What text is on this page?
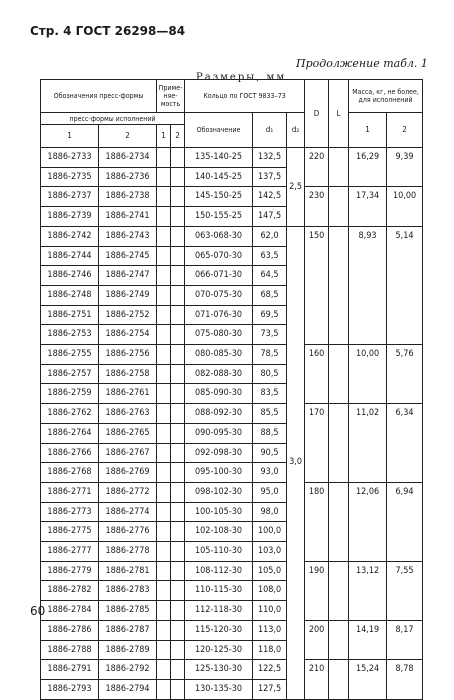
Стр. 4 ГОСТ 26298—84
Продолжение табл. 1
Размеры, мм
Обозначения пресс-формы		Приме-няе-мость		Кольцо по ГОСТ 9833–73			D	L	Масса, кг, не более, для исполнений	
пресс-формы исполнений				Обозначение	d₁	d₂			1	2
1	2	1	2							
1886-2733	1886-2734			135-140-25	132,5	2,5	220		16,29	9,39
1886-2735	1886-2736			140-145-25	137,5					
1886-2737	1886-2738			145-150-25	142,5		230		17,34	10,00
1886-2739	1886-2741			150-155-25	147,5					
1886-2742	1886-2743			063-068-30	62,0	3,0	150		8,93	5,14
1886-2744	1886-2745			065-070-30	63,5					
1886-2746	1886-2747			066-071-30	64,5					
1886-2748	1886-2749			070-075-30	68,5					
1886-2751	1886-2752			071-076-30	69,5					
1886-2753	1886-2754			075-080-30	73,5					
1886-2755	1886-2756			080-085-30	78,5		160		10,00	5,76
1886-2757	1886-2758			082-088-30	80,5					
1886-2759	1886-2761			085-090-30	83,5					
1886-2762	1886-2763			088-092-30	85,5		170		11,02	6,34
1886-2764	1886-2765			090-095-30	88,5					
1886-2766	1886-2767			092-098-30	90,5					
1886-2768	1886-2769			095-100-30	93,0					
1886-2771	1886-2772			098-102-30	95,0		180		12,06	6,94
1886-2773	1886-2774			100-105-30	98,0					
1886-2775	1886-2776			102-108-30	100,0					
1886-2777	1886-2778			105-110-30	103,0					
1886-2779	1886-2781			108-112-30	105,0		190		13,12	7,55
1886-2782	1886-2783			110-115-30	108,0					
1886-2784	1886-2785			112-118-30	110,0					
1886-2786	1886-2787			115-120-30	113,0		200		14,19	8,17
1886-2788	1886-2789			120-125-30	118,0					
1886-2791	1886-2792			125-130-30	122,5		210		15,24	8,78
1886-2793	1886-2794			130-135-30	127,5					
60
